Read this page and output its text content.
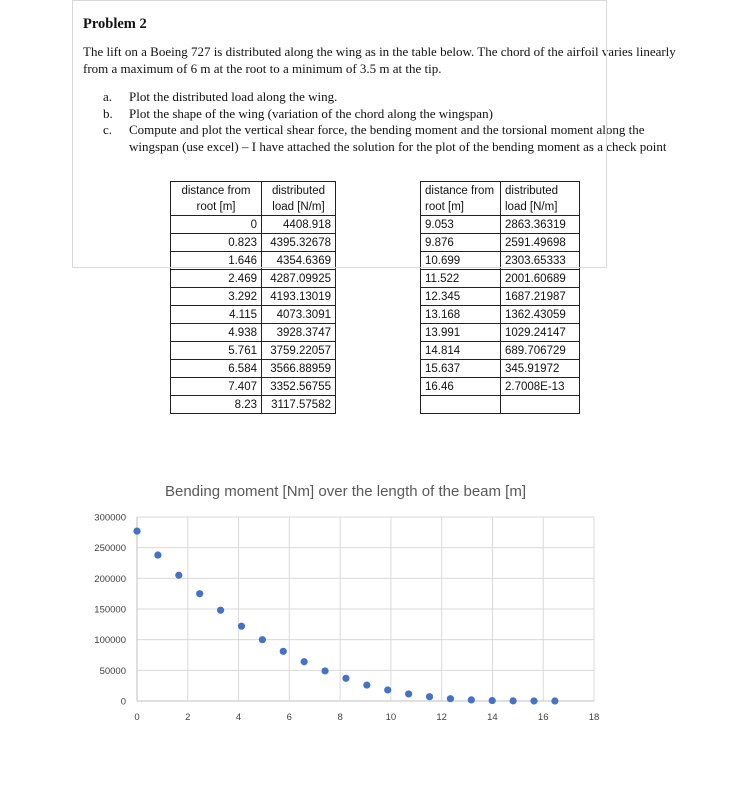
Problem 2
The lift on a Boeing 727 is distributed along the wing as in the table below. The chord of the airfoil varies linearly from a maximum of 6 m at the root to a minimum of 3.5 m at the tip.
a. Plot the distributed load along the wing.
b. Plot the shape of the wing (variation of the chord along the wingspan)
c. Compute and plot the vertical shear force, the bending moment and the torsional moment along the wingspan (use excel) – I have attached the solution for the plot of the bending moment as a check point
distance from root [m]	distributed load [N/m]
0	4408.918
0.823	4395.32678
1.646	4354.6369
2.469	4287.09925
3.292	4193.13019
4.115	4073.3091
4.938	3928.3747
5.761	3759.22057
6.584	3566.88959
7.407	3352.56755
8.23	3117.57582
distance from root [m]	distributed load [N/m]
9.053	2863.36319
9.876	2591.49698
10.699	2303.65333
11.522	2001.60689
12.345	1687.21987
13.168	1362.43059
13.991	1029.24147
14.814	689.706729
15.637	345.91972
16.46	2.7008E-13

Bending moment [Nm] over the length of the beam [m]
0
50000
100000
150000
200000
250000
300000
0	2	4	6	8	10	12	14	16	18
